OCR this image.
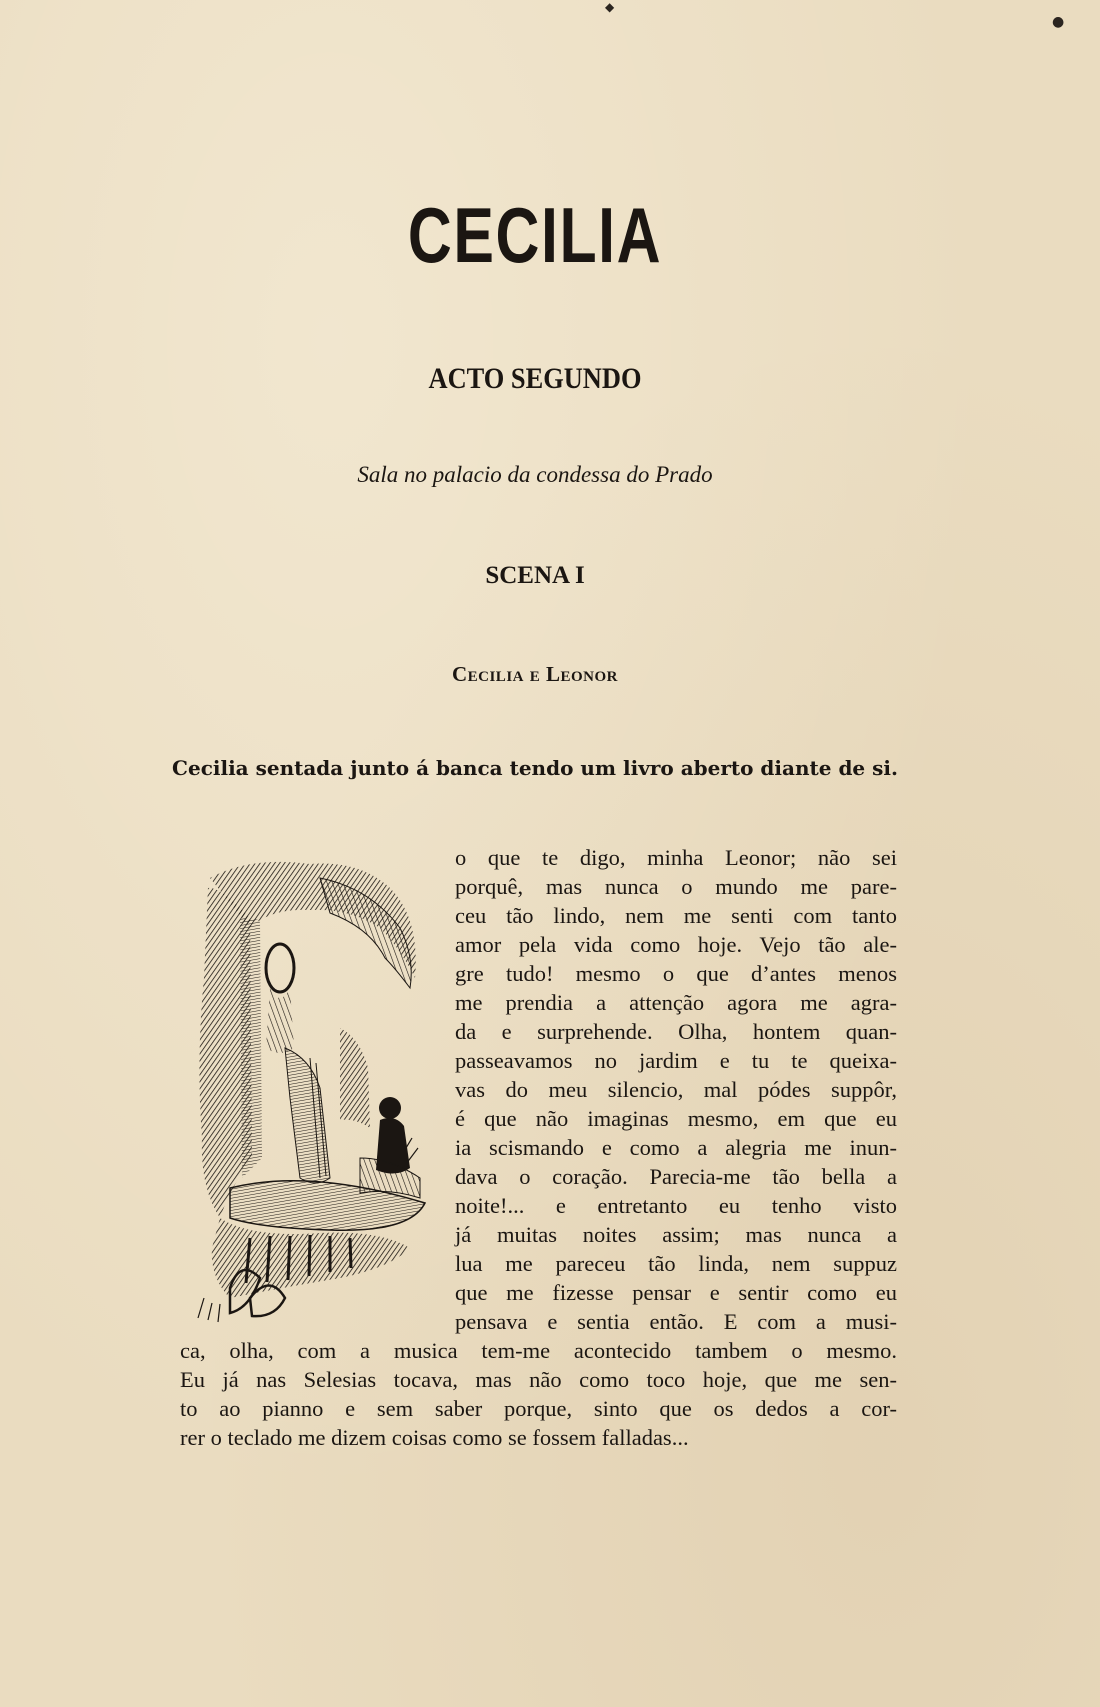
◆
●
CECILIA
ACTO SEGUNDO
Sala no palacio da condessa do Prado
SCENA I
Cecilia e Leonor
Cecilia sentada junto á banca tendo um livro aberto diante de si.
o que te digo, minha Leonor; não sei
porquê, mas nunca o mundo me pare-
ceu tão lindo, nem me senti com tanto
amor pela vida como hoje. Vejo tão ale-
gre tudo! mesmo o que d’antes menos
me prendia a attenção agora me agra-
da e surprehende. Olha, hontem quan-
passeavamos no jardim e tu te queixa-
vas do meu silencio, mal pódes suppôr,
é que não imaginas mesmo, em que eu
ia scismando e como a alegria me inun-
dava o coração. Parecia-me tão bella a
noite!... e entretanto eu tenho visto
já muitas noites assim; mas nunca a
lua me pareceu tão linda, nem suppuz
que me fizesse pensar e sentir como eu
pensava e sentia então. E com a musi-
ca, olha, com a musica tem-me acontecido tambem o mesmo.
Eu já nas Selesias tocava, mas não como toco hoje, que me sen-
to ao pianno e sem saber porque, sinto que os dedos a cor-
rer o teclado me dizem coisas como se fossem falladas...
